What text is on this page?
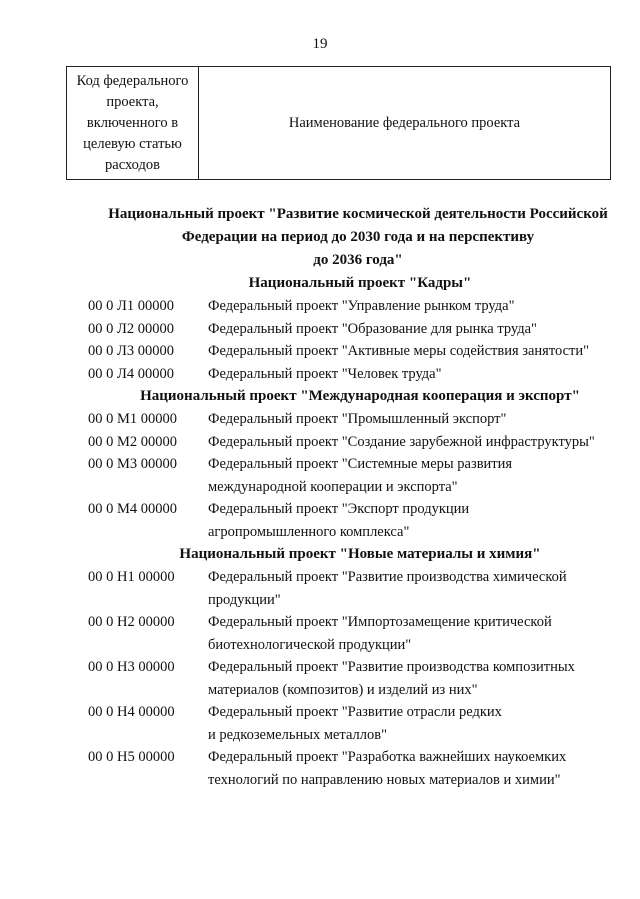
19
Код федерального проекта, включенного в целевую статью расходов	Наименование федерального проекта

Национальный проект "Развитие космической деятельности Российской
Федерации на период до 2030 года и на перспективу
до 2036 года"

Национальный проект "Кадры"

00 0 Л1 00000	Федеральный проект "Управление рынком труда"
00 0 Л2 00000	Федеральный проект "Образование для рынка труда"
00 0 Л3 00000	Федеральный проект "Активные меры содействия занятости"
00 0 Л4 00000	Федеральный проект "Человек труда"

Национальный проект "Международная кооперация и экспорт"

00 0 М1 00000	Федеральный проект "Промышленный экспорт"
00 0 М2 00000	Федеральный проект "Создание зарубежной инфраструктуры"
00 0 М3 00000	Федеральный проект "Системные меры развития
международной кооперации и экспорта"
00 0 М4 00000	Федеральный проект "Экспорт продукции
агропромышленного комплекса"

Национальный проект "Новые материалы и химия"

00 0 Н1 00000	Федеральный проект "Развитие производства химической
продукции"
00 0 Н2 00000	Федеральный проект "Импортозамещение критической
биотехнологической продукции"
00 0 Н3 00000	Федеральный проект "Развитие производства композитных
материалов (композитов) и изделий из них"
00 0 Н4 00000	Федеральный проект "Развитие отрасли редких
и редкоземельных металлов"
00 0 Н5 00000	Федеральный проект "Разработка важнейших наукоемких
технологий по направлению новых материалов и химии"
